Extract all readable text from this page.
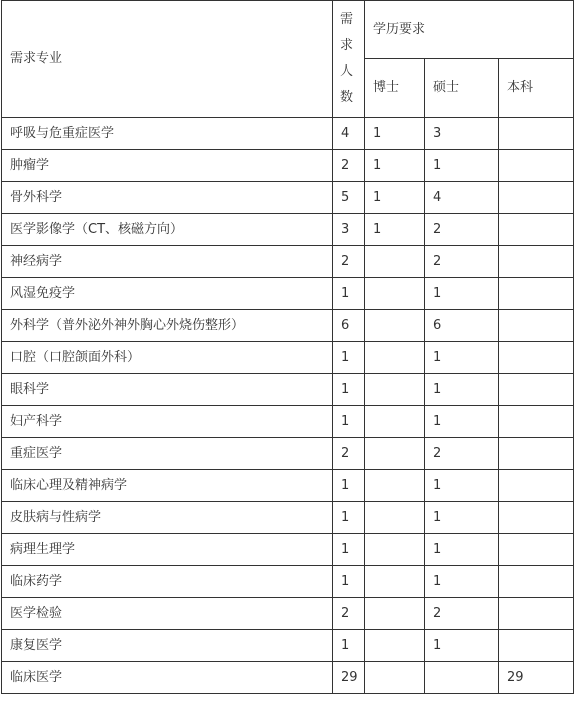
需求专业	需求人数	学历要求		
		博士	硕士	本科
呼吸与危重症医学	4	1	3	
肿瘤学	2	1	1	
骨外科学	5	1	4	
医学影像学（CT、核磁方向）	3	1	2	
神经病学	2		2	
风湿免疫学	1		1	
外科学（普外泌外神外胸心外烧伤整形）	6		6	
口腔（口腔颌面外科）	1		1	
眼科学	1		1	
妇产科学	1		1	
重症医学	2		2	
临床心理及精神病学	1		1	
皮肤病与性病学	1		1	
病理生理学	1		1	
临床药学	1		1	
医学检验	2		2	
康复医学	1		1	
临床医学	29			29
